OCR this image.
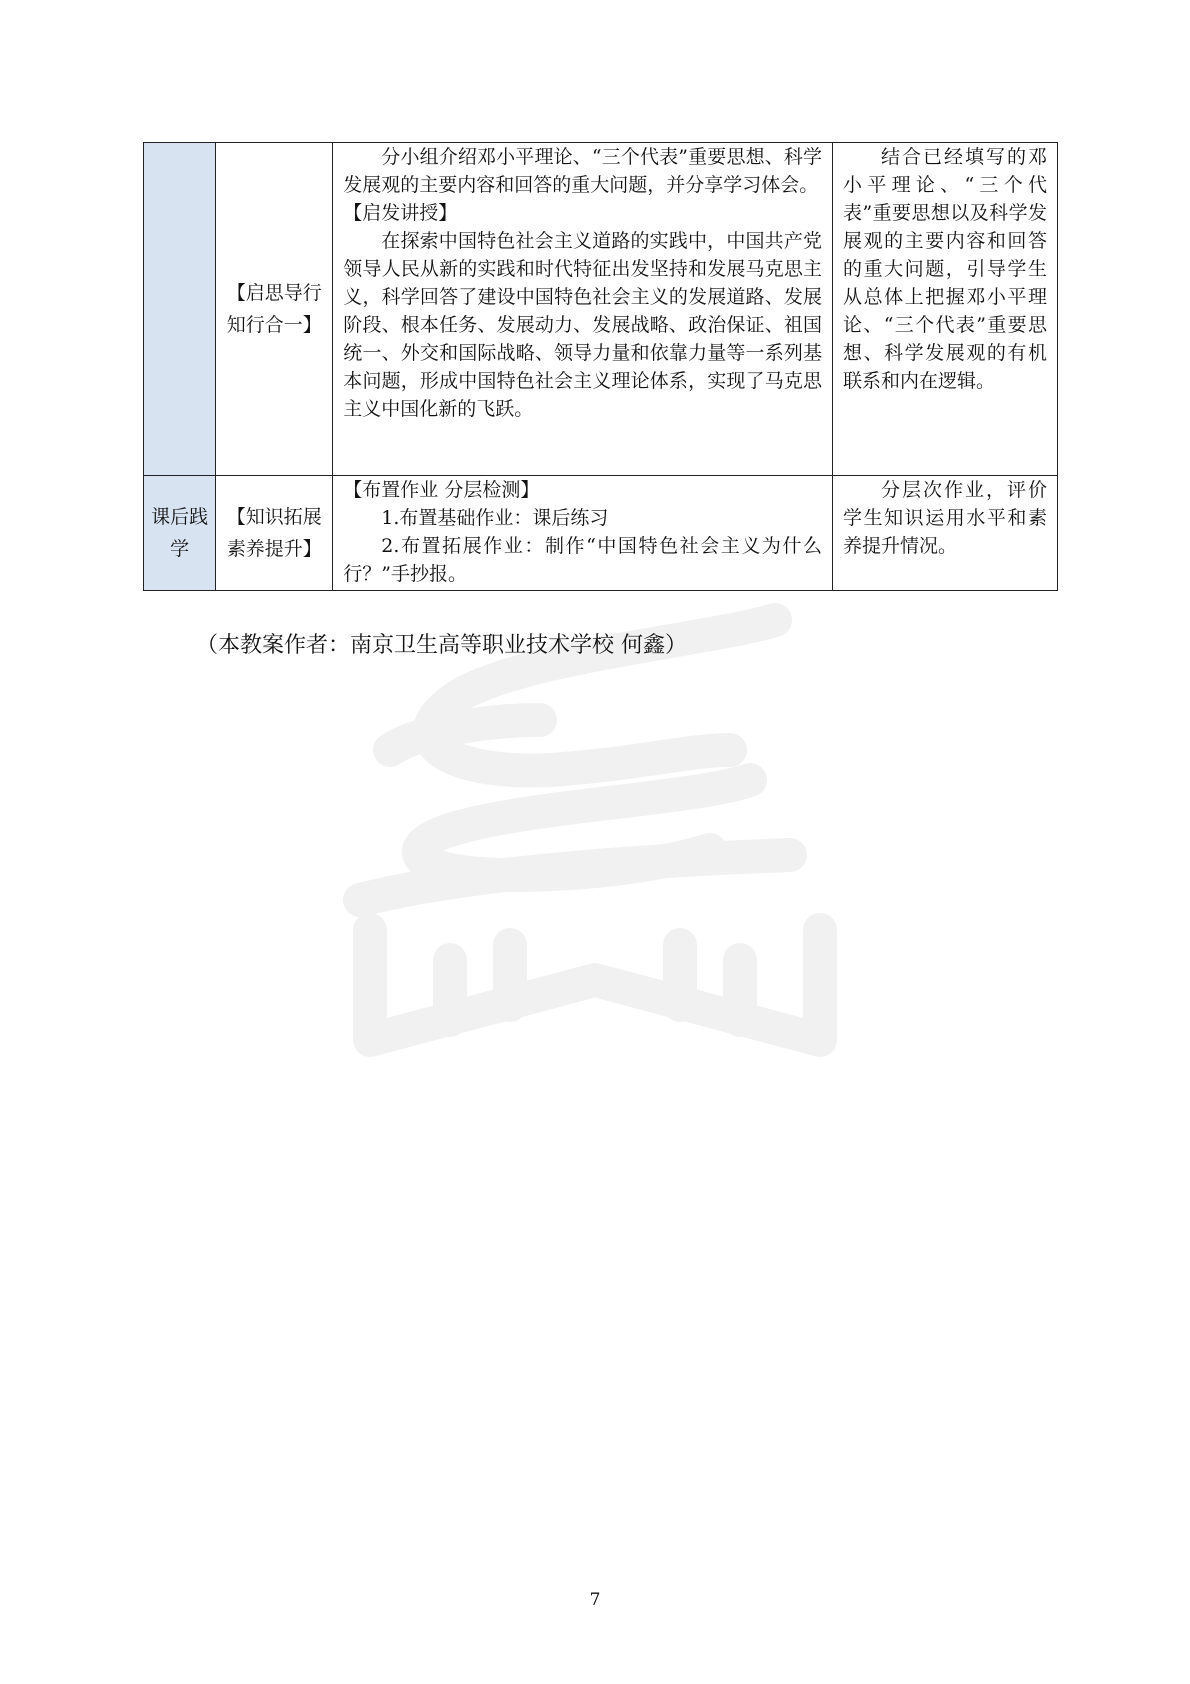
	【启思导行知行合一】	分小组介绍邓小平理论、“三个代表”重要思想、科学发展观的主要内容和回答的重大问题，并分享学习体会。

【启发讲授】

在探索中国特色社会主义道路的实践中，中国共产党领导人民从新的实践和时代特征出发坚持和发展马克思主义，科学回答了建设中国特色社会主义的发展道路、发展阶段、根本任务、发展动力、发展战略、政治保证、祖国统一、外交和国际战略、领导力量和依靠力量等一系列基本问题，形成中国特色社会主义理论体系，实现了马克思主义中国化新的飞跃。	结合已经填写的邓小平理论、“三个代表”重要思想以及科学发展观的主要内容和回答的重大问题，引导学生从总体上把握邓小平理论、“三个代表”重要思想、科学发展观的有机联系和内在逻辑。

课后践学	【知识拓展素养提升】	【布置作业 分层检测】

1.布置基础作业：课后练习

2.布置拓展作业：制作“中国特色社会主义为什么行？”手抄报。	分层次作业，评价学生知识运用水平和素养提升情况。

（本教案作者：南京卫生高等职业技术学校 何鑫）
7
